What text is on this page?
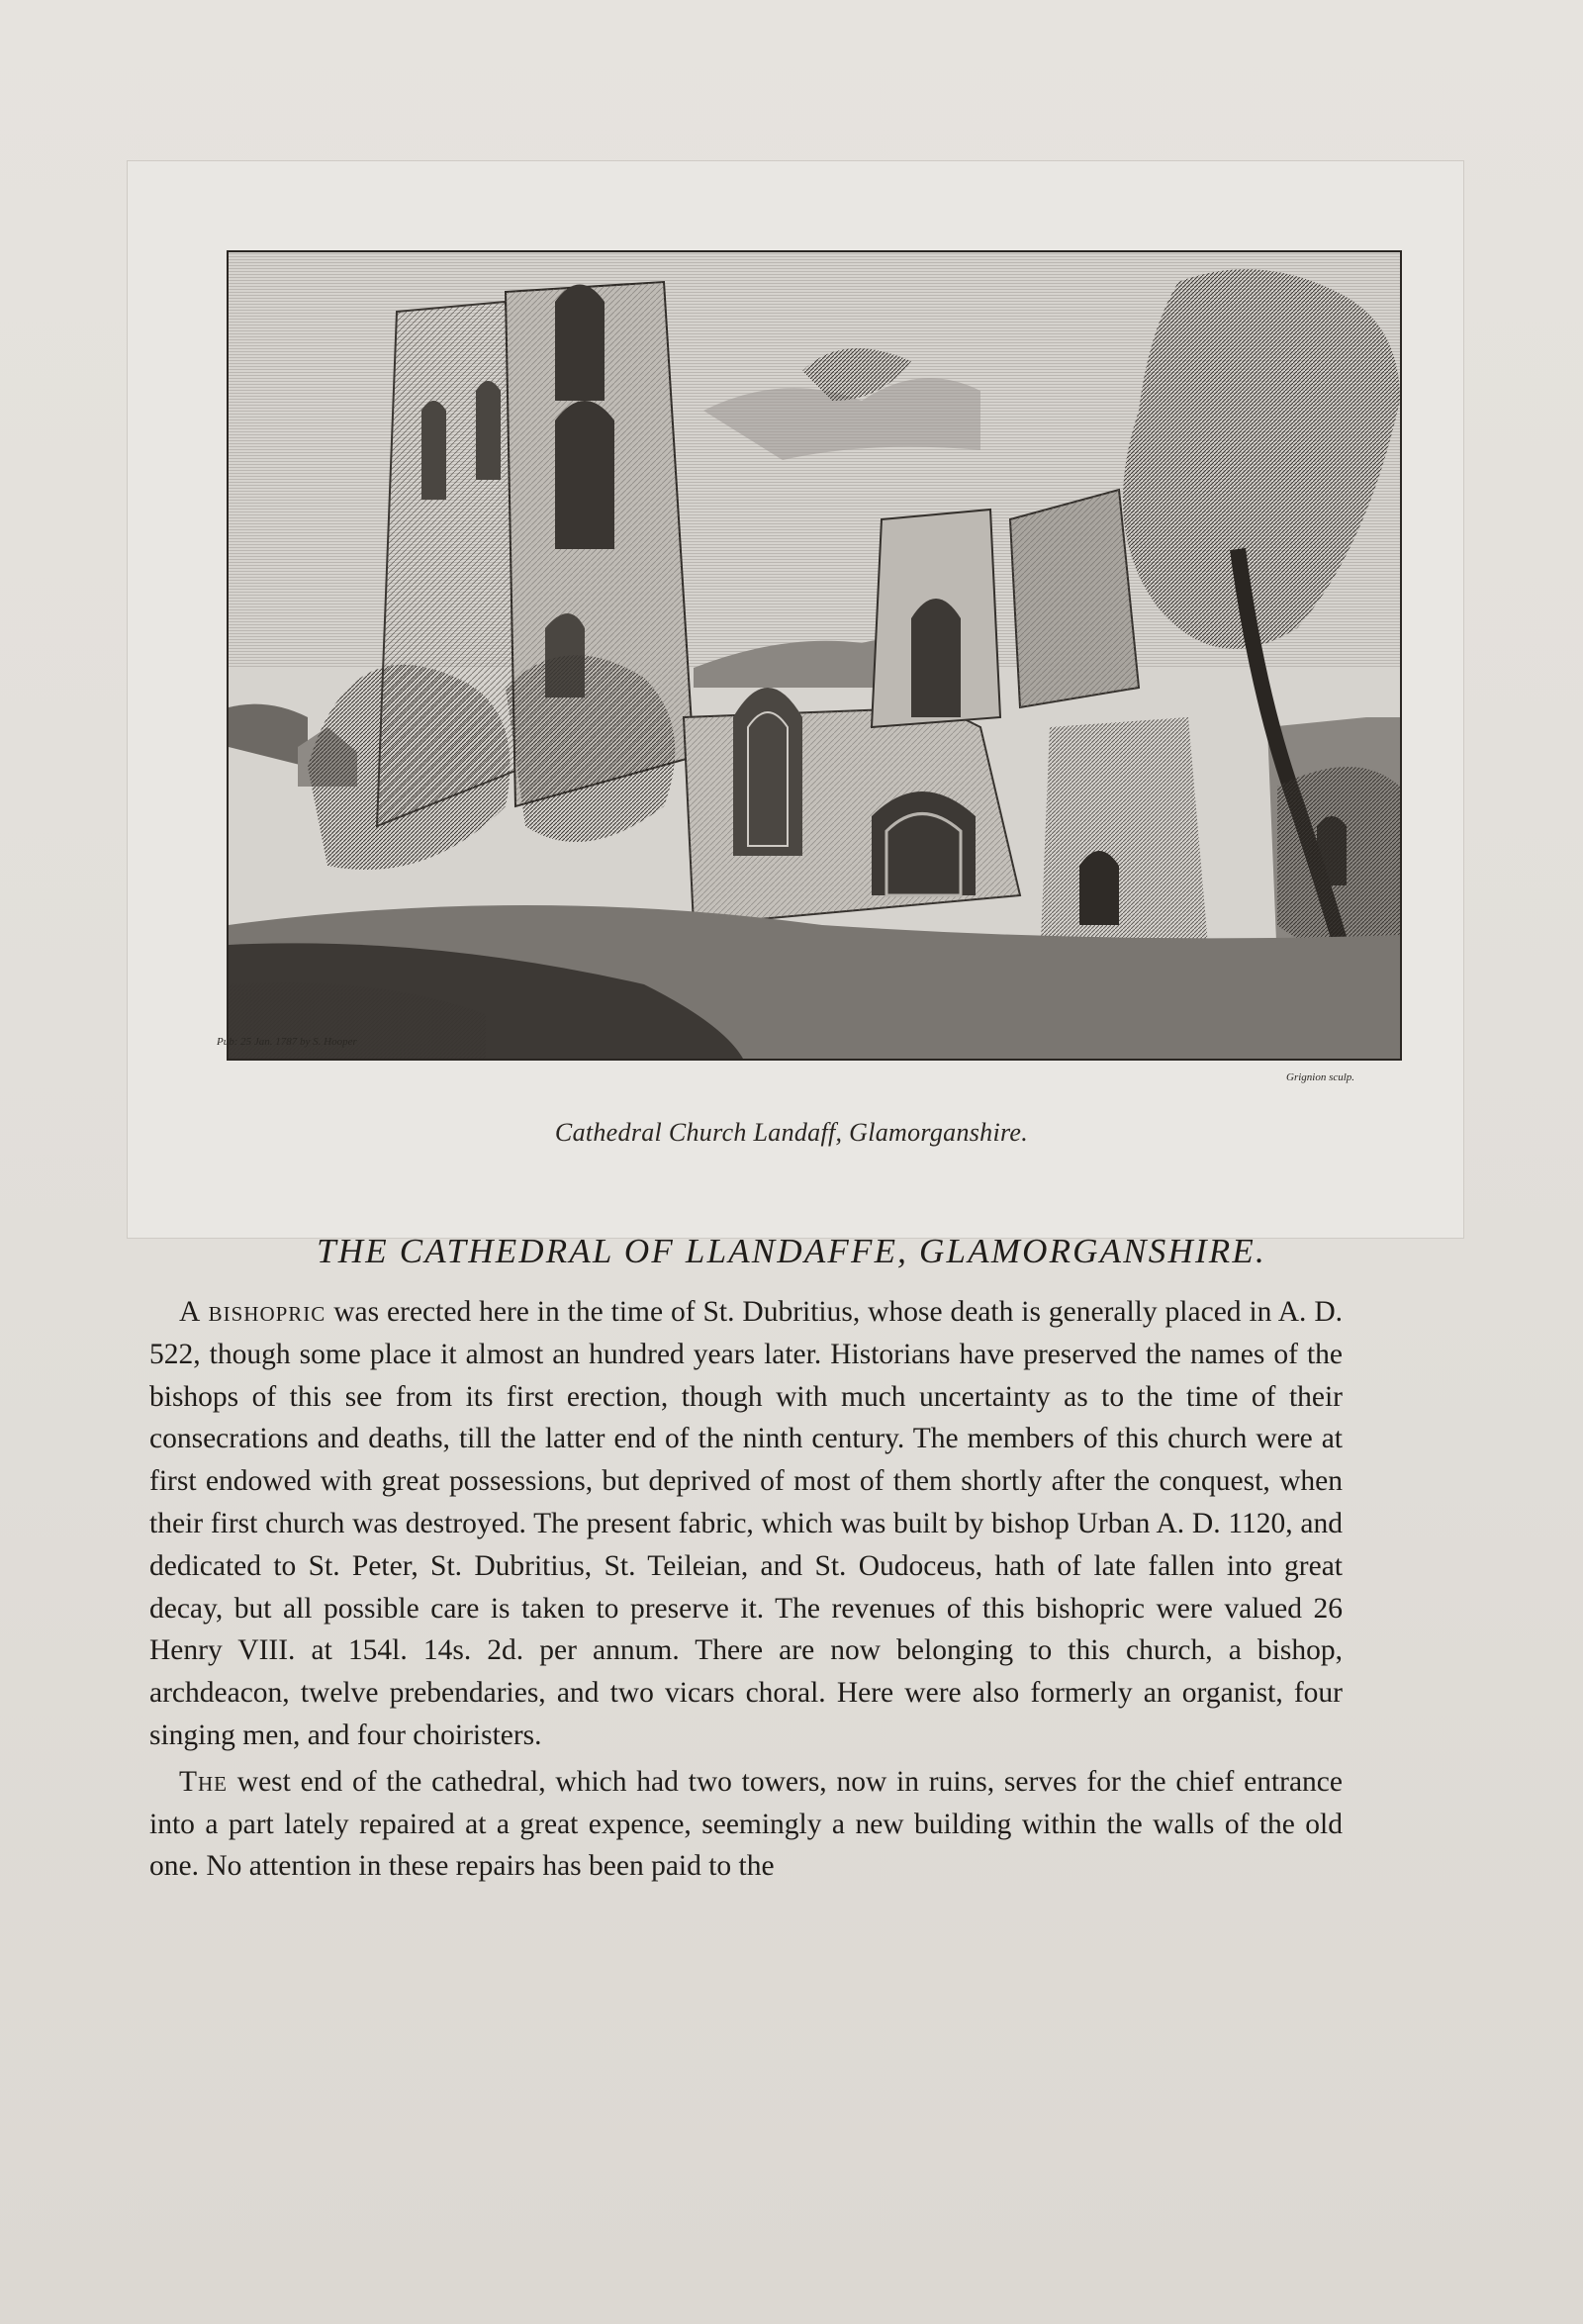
Pub: 25 Jan. 1787 by S. Hooper
Grignion sculp.
Cathedral Church Landaff, Glamorganshire.
THE CATHEDRAL OF LLANDAFFE, GLAMORGANSHIRE.

A bishopric was erected here in the time of St. Dubritius, whose death is generally placed in A. D. 522, though some place it almost an hundred years later. Historians have preserved the names of the bishops of this see from its first erection, though with much uncertainty as to the time of their consecrations and deaths, till the latter end of the ninth century. The members of this church were at first endowed with great possessions, but deprived of most of them shortly after the conquest, when their first church was destroyed. The present fabric, which was built by bishop Urban A. D. 1120, and dedicated to St. Peter, St. Dubritius, St. Teileian, and St. Oudoceus, hath of late fallen into great decay, but all possible care is taken to preserve it. The revenues of this bishopric were valued 26 Henry VIII. at 154l. 14s. 2d. per annum. There are now belonging to this church, a bishop, archdeacon, twelve prebendaries, and two vicars choral. Here were also formerly an organist, four singing men, and four choiristers.

The west end of the cathedral, which had two towers, now in ruins, serves for the chief entrance into a part lately repaired at a great expence, seemingly a new building within the walls of the old one. No attention in these repairs has been paid to the
